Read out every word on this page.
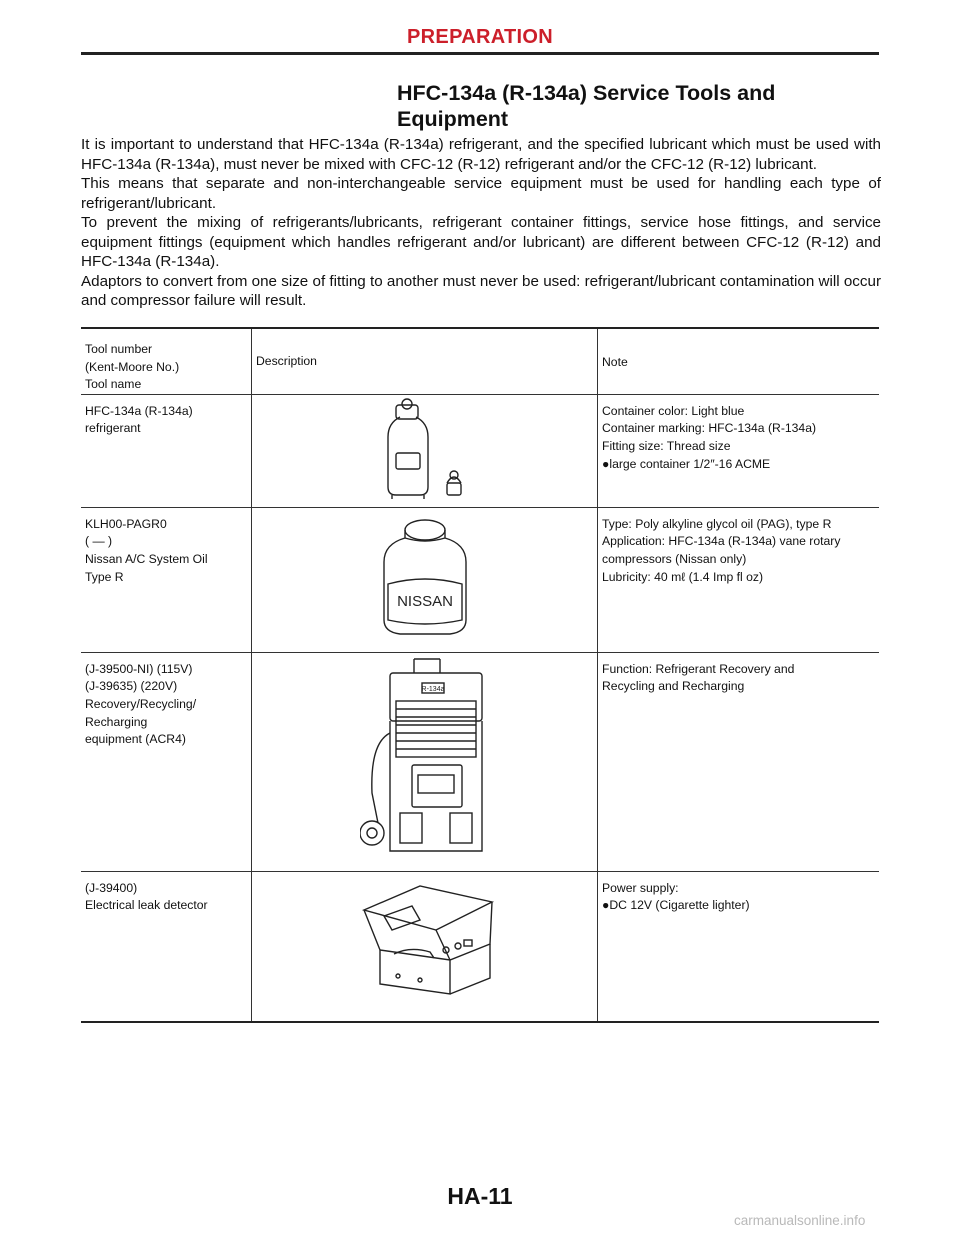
PREPARATION
HFC-134a (R-134a) Service Tools and
Equipment

It is important to understand that HFC-134a (R-134a) refrigerant, and the specified lubricant which must be used with HFC-134a (R-134a), must never be mixed with CFC-12 (R-12) refrigerant and/or the CFC-12 (R-12) lubricant.

This means that separate and non-interchangeable service equipment must be used for handling each type of refrigerant/lubricant.

To prevent the mixing of refrigerants/lubricants, refrigerant container fittings, service hose fittings, and service equipment fittings (equipment which handles refrigerant and/or lubricant) are different between CFC-12 (R-12) and HFC-134a (R-134a).

Adaptors to convert from one size of fitting to another must never be used: refrigerant/lubricant contamination will occur and compressor failure will result.

Tool number
(Kent-Moore No.)
Tool name	Description	Note

HFC-134a (R-134a)
refrigerant		Container color: Light blue
Container marking: HFC-134a (R-134a)
Fitting size: Thread size
●large container 1/2″-16 ACME

KLH00-PAGR0
( — )
Nissan A/C System Oil
Type R	NISSAN	Type: Poly alkyline glycol oil (PAG), type R
Application: HFC-134a (R-134a) vane rotary
compressors (Nissan only)
Lubricity: 40 mℓ (1.4 Imp fl oz)

(J-39500-NI) (115V)
(J-39635) (220V)
Recovery/Recycling/
Recharging
equipment (ACR4)	R-134a	Function: Refrigerant Recovery and
Recycling and Recharging

(J-39400)
Electrical leak detector		Power supply:
●DC 12V (Cigarette lighter)
HA-11
carmanualsonline.info
